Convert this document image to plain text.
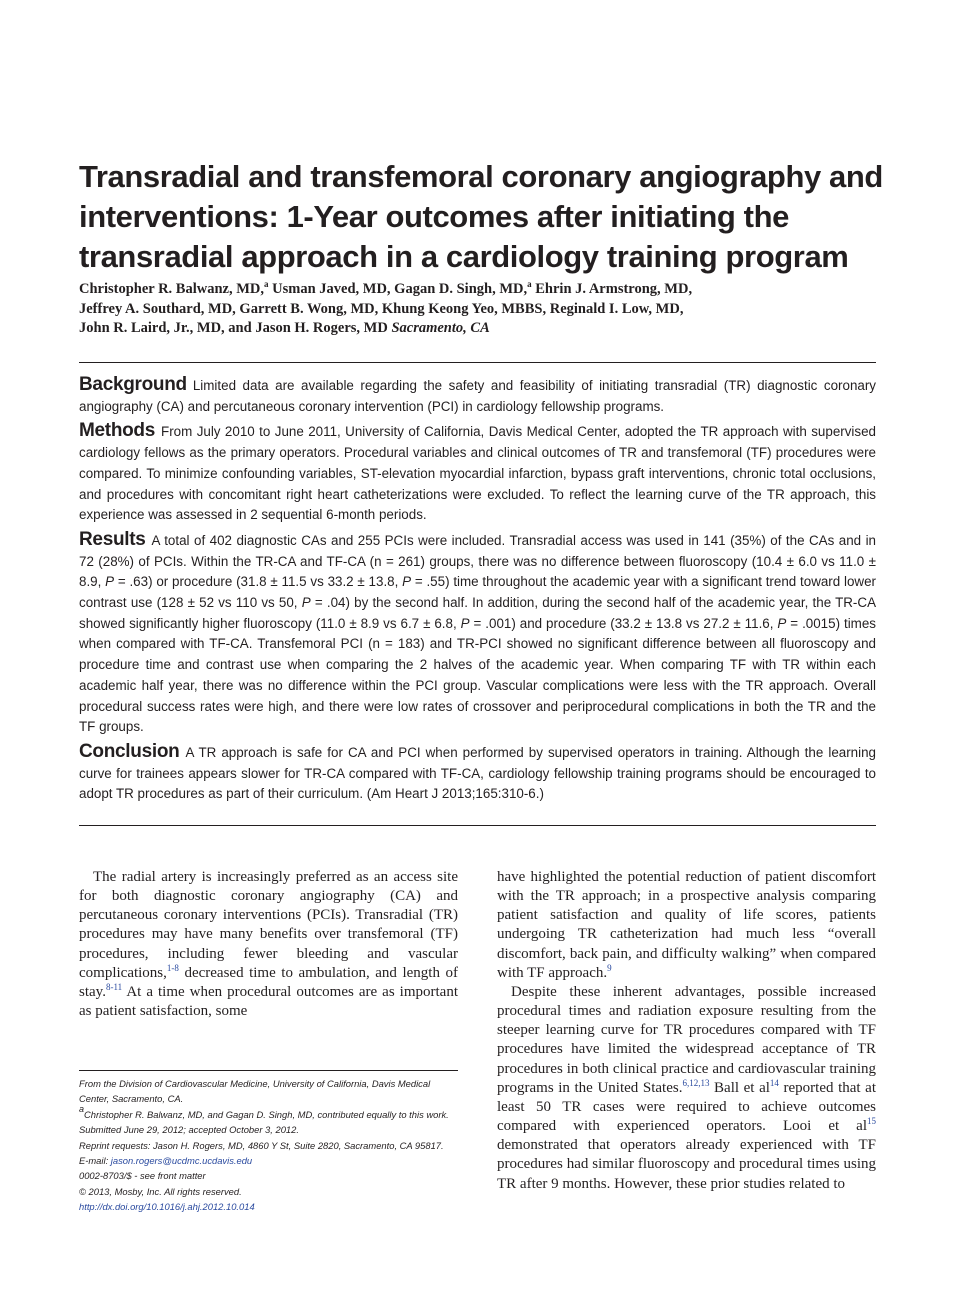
Transradial and transfemoral coronary angiography and interventions: 1-Year outcomes after initiating the transradial approach in a cardiology training program
Christopher R. Balwanz, MD,$^a$ Usman Javed, MD, Gagan D. Singh, MD,$^a$ Ehrin J. Armstrong, MD,
Jeffrey A. Southard, MD, Garrett B. Wong, MD, Khung Keong Yeo, MBBS, Reginald I. Low, MD,
John R. Laird, Jr., MD, and Jason H. Rogers, MD Sacramento, CA

Background Limited data are available regarding the safety and feasibility of initiating transradial (TR) diagnostic coronary angiography (CA) and percutaneous coronary intervention (PCI) in cardiology fellowship programs.

Methods From July 2010 to June 2011, University of California, Davis Medical Center, adopted the TR approach with supervised cardiology fellows as the primary operators. Procedural variables and clinical outcomes of TR and transfemoral (TF) procedures were compared. To minimize confounding variables, ST-elevation myocardial infarction, bypass graft interventions, chronic total occlusions, and procedures with concomitant right heart catheterizations were excluded. To reflect the learning curve of the TR approach, this experience was assessed in 2 sequential 6-month periods.

Results A total of 402 diagnostic CAs and 255 PCIs were included. Transradial access was used in 141 (35%) of the CAs and in 72 (28%) of PCIs. Within the TR-CA and TF-CA (n = 261) groups, there was no difference between fluoroscopy (10.4 ± 6.0 vs 11.0 ± 8.9, P = .63) or procedure (31.8 ± 11.5 vs 33.2 ± 13.8, P = .55) time throughout the academic year with a significant trend toward lower contrast use (128 ± 52 vs 110 vs 50, P = .04) by the second half. In addition, during the second half of the academic year, the TR-CA showed significantly higher fluoroscopy (11.0 ± 8.9 vs 6.7 ± 6.8, P = .001) and procedure (33.2 ± 13.8 vs 27.2 ± 11.6, P = .0015) times when compared with TF-CA. Transfemoral PCI (n = 183) and TR-PCI showed no significant difference between all fluoroscopy and procedure time and contrast use when comparing the 2 halves of the academic year. When comparing TF with TR within each academic half year, there was no difference within the PCI group. Vascular complications were less with the TR approach. Overall procedural success rates were high, and there were low rates of crossover and periprocedural complications in both the TR and the TF groups.

Conclusion A TR approach is safe for CA and PCI when performed by supervised operators in training. Although the learning curve for trainees appears slower for TR-CA compared with TF-CA, cardiology fellowship training programs should be encouraged to adopt TR procedures as part of their curriculum. (Am Heart J 2013;165:310-6.)

The radial artery is increasingly preferred as an access site for both diagnostic coronary angiography (CA) and percutaneous coronary interventions (PCIs). Transradial (TR) procedures may have many benefits over transfemoral (TF) procedures, including fewer bleeding and vascular complications,$^{1-8}$ decreased time to ambulation, and length of stay.$^{8-11}$ At a time when procedural outcomes are as important as patient satisfaction, some

have highlighted the potential reduction of patient discomfort with the TR approach; in a prospective analysis comparing patient satisfaction and quality of life scores, patients undergoing TR catheterization had much less “overall discomfort, back pain, and difficulty walking” when compared with TF approach.$^9$

Despite these inherent advantages, possible increased procedural times and radiation exposure resulting from the steeper learning curve for TR procedures compared with TF procedures have limited the widespread acceptance of TR procedures in both clinical practice and cardiovascular training programs in the United States.$^{6,12,13}$ Ball et al$^{14}$ reported that at least 50 TR cases were required to achieve outcomes compared with experienced operators. Looi et al$^{15}$ demonstrated that operators already experienced with TF procedures had similar fluoroscopy and procedural times using TR after 9 months. However, these prior studies related to

From the Division of Cardiovascular Medicine, University of California, Davis Medical Center, Sacramento, CA.
$^a$Christopher R. Balwanz, MD, and Gagan D. Singh, MD, contributed equally to this work.
Submitted June 29, 2012; accepted October 3, 2012.
Reprint requests: Jason H. Rogers, MD, 4860 Y St, Suite 2820, Sacramento, CA 95817.
E-mail: jason.rogers@ucdmc.ucdavis.edu
0002-8703/$ - see front matter
© 2013, Mosby, Inc. All rights reserved.
http://dx.doi.org/10.1016/j.ahj.2012.10.014
